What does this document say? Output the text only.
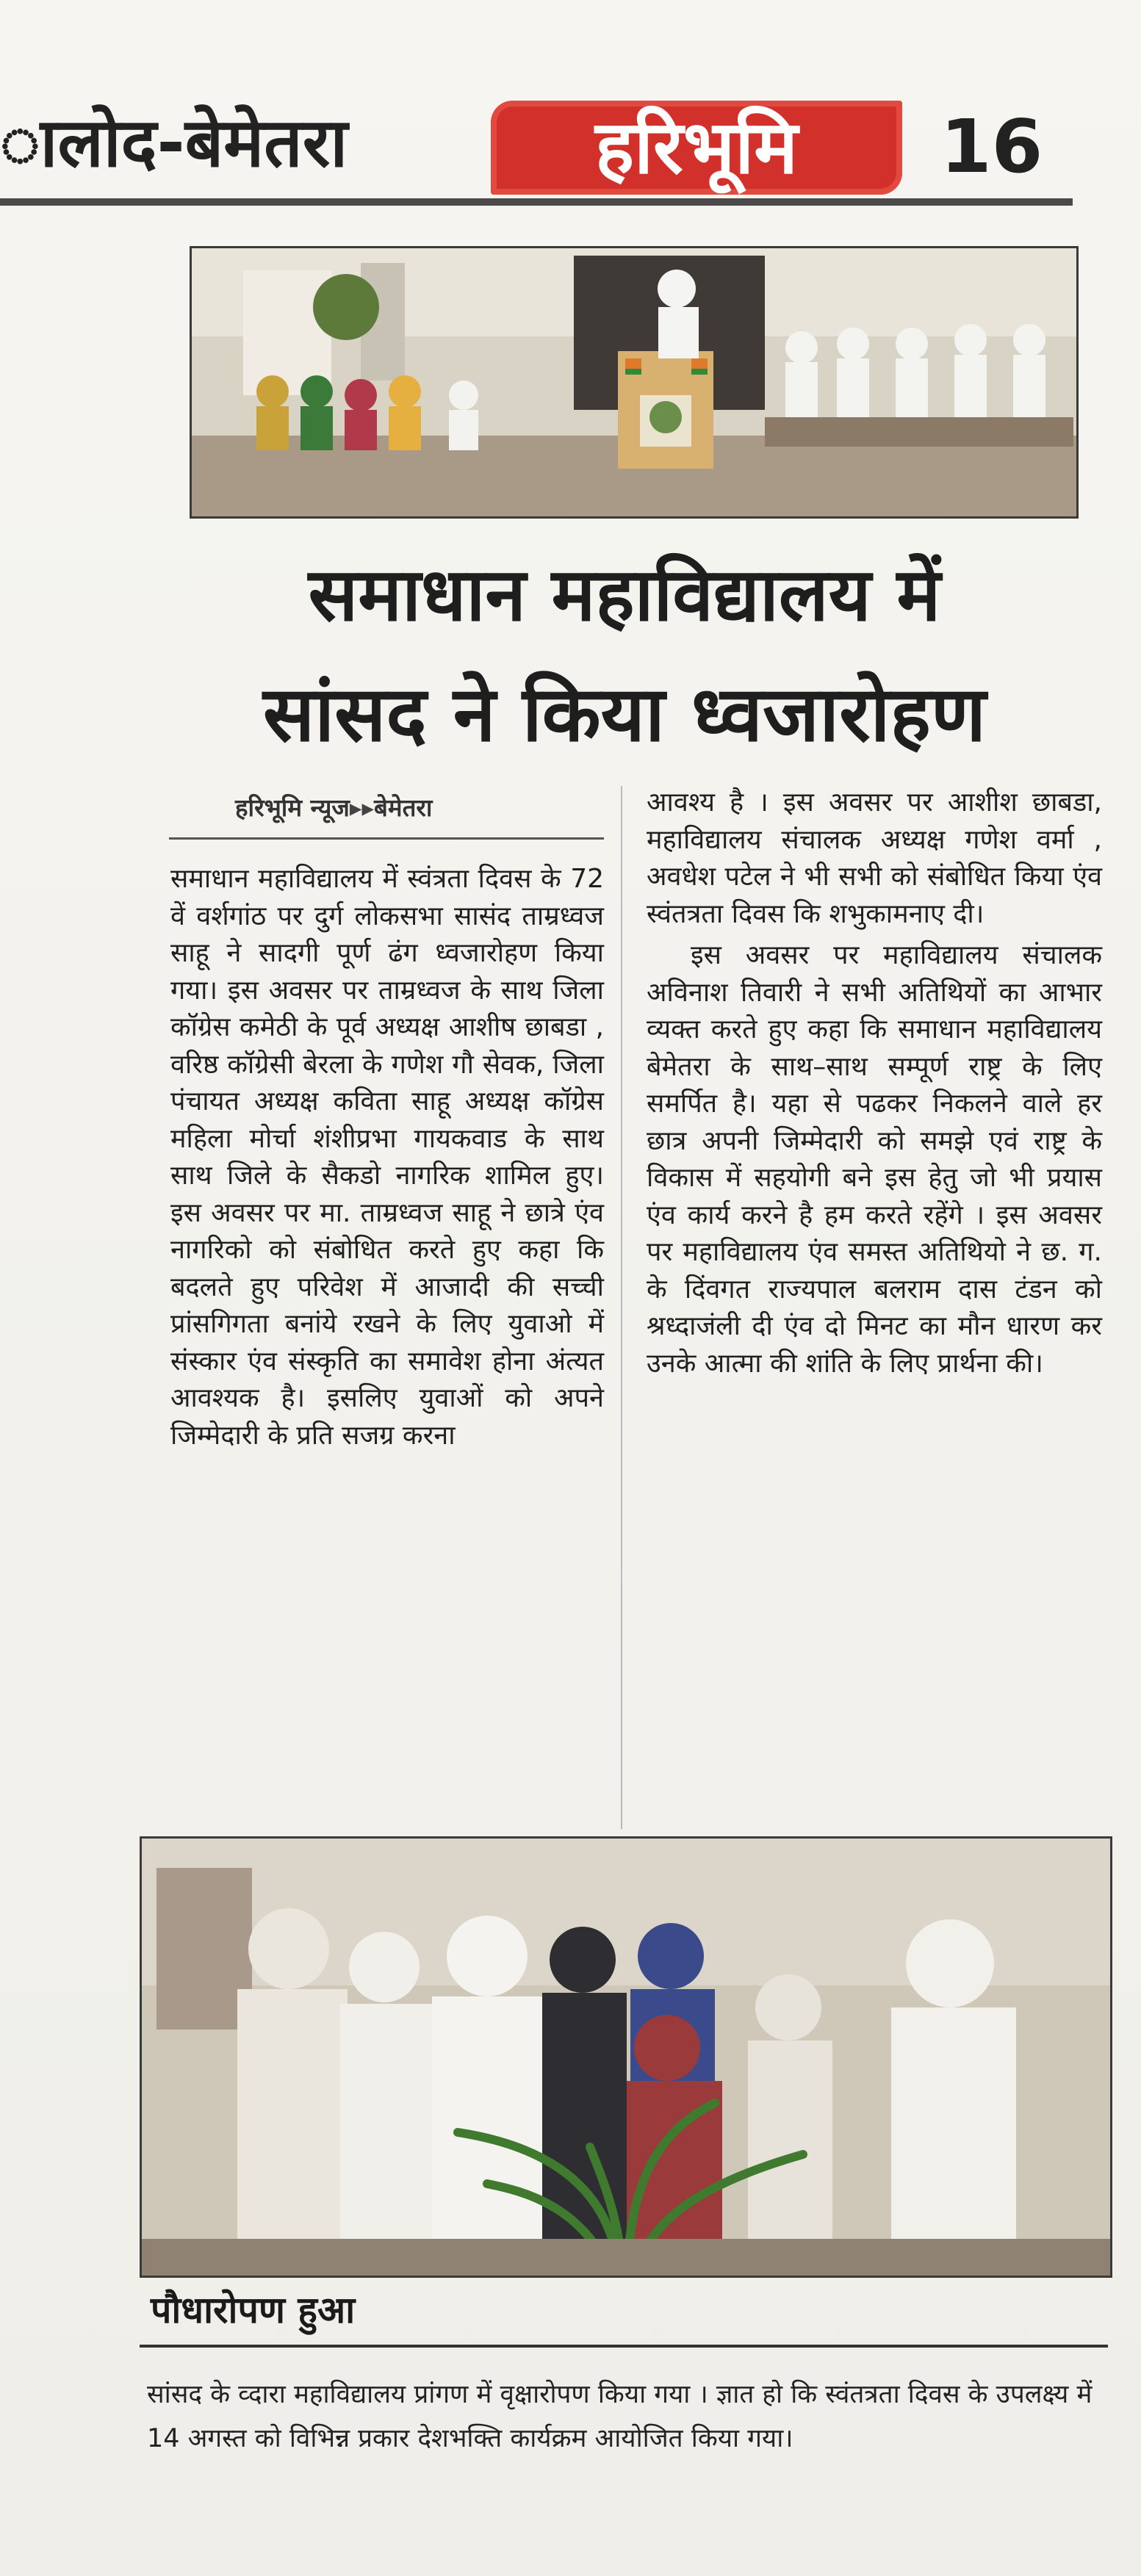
ालोद-बेमेतरा	हरिभूमि	16
समाधान महाविद्यालय में
सांसद ने किया ध्वजारोहण
हरिभूमि न्यूज▸▸बेमेतरा

समाधान महाविद्यालय में स्वंत्रता दिवस के 72 वें वर्शगांठ पर दुर्ग लोकसभा सासंद ताम्रध्वज साहू ने सादगी पूर्ण ढंग ध्वजारोहण किया गया। इस अवसर पर ताम्रध्वज के साथ जिला कॉग्रेस कमेठी के पूर्व अध्यक्ष आशीष छाबडा , वरिष्ठ कॉग्रेसी बेरला के गणेश गौ सेवक, जिला पंचायत अध्यक्ष कविता साहू अध्यक्ष कॉग्रेस महिला मोर्चा शंशीप्रभा गायकवाड के साथ साथ जिले के सैकडो नागरिक शामिल हुए। इस अवसर पर मा. ताम्रध्वज साहू ने छात्रे एंव नागरिको को संबोधित करते हुए कहा कि बदलते हुए परिवेश में आजादी की सच्ची प्रांसगिगता बनांये रखने के लिए युवाओ में संस्कार एंव संस्कृति का समावेश होना अंत्यत आवश्यक है। इसलिए युवाओं को अपने जिम्मेदारी के प्रति सजग्र करना

आवश्य है । इस अवसर पर आशीश छाबडा, महाविद्यालय संचालक अध्यक्ष गणेश वर्मा , अवधेश पटेल ने भी सभी को संबोधित किया एंव स्वंतत्रता दिवस कि शभुकामनाए दी।

इस अवसर पर महाविद्यालय संचालक अविनाश तिवारी ने सभी अतिथियों का आभार व्यक्त करते हुए कहा कि समाधान महाविद्यालय बेमेतरा के साथ–साथ सम्पूर्ण राष्ट्र के लिए समर्पित है। यहा से पढकर निकलने वाले हर छात्र अपनी जिम्मेदारी को समझे एवं राष्ट्र के विकास में सहयोगी बने इस हेतु जो भी प्रयास एंव कार्य करने है हम करते रहेंगे । इस अवसर पर महाविद्यालय एंव समस्त अतिथियो ने छ. ग. के दिंवगत राज्यपाल बलराम दास टंडन को श्रध्दाजंली दी एंव दो मिनट का मौन धारण कर उनके आत्मा की शांति के लिए प्रार्थना की।

पौधारोपण हुआ
सांसद के व्दारा महाविद्यालय प्रांगण में वृक्षारोपण किया गया । ज्ञात हो कि स्वंतत्रता दिवस के उपलक्ष्य में 14 अगस्त को विभिन्न प्रकार देशभक्ति कार्यक्रम आयोजित किया गया।
